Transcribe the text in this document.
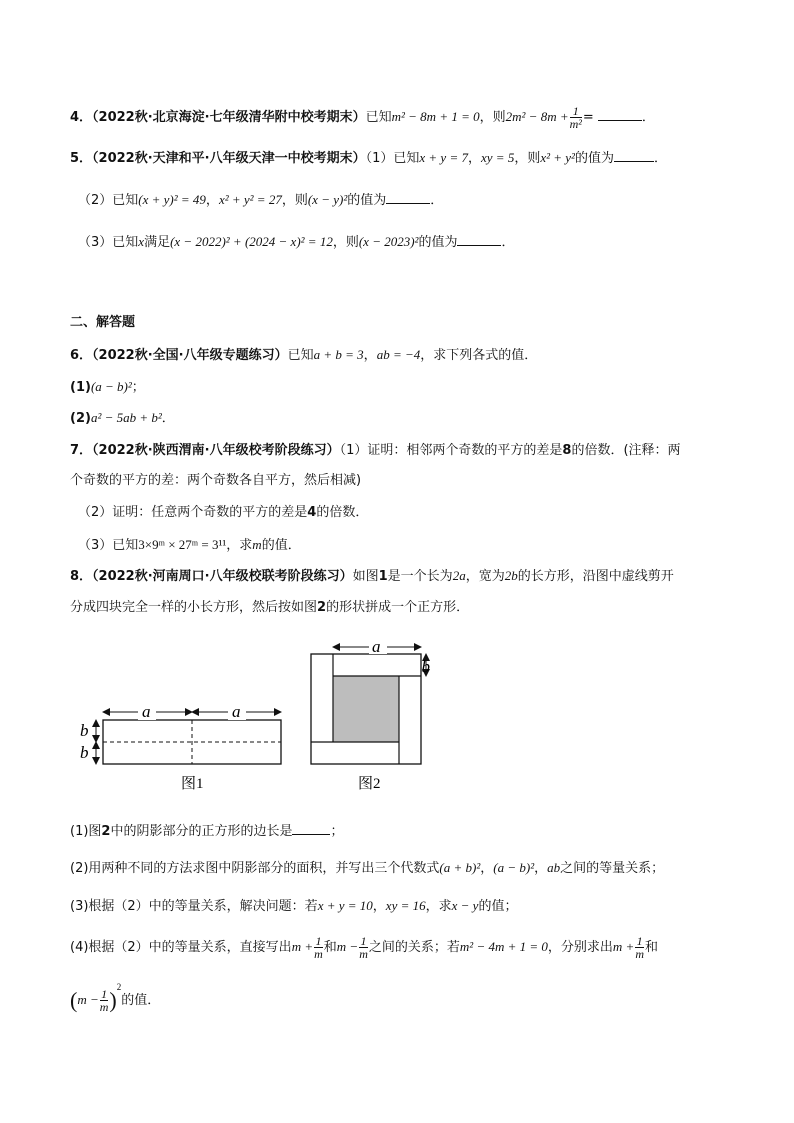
4．（2022秋·北京海淀·七年级清华附中校考期末）已知m² − 8m + 1 = 0，则$2m^2 - 8m + \frac{1}{\text{m²}}$ =	．
5．（2022秋·天津和平·八年级天津一中校考期末）（1）已知x + y = 7，xy = 5，则x² + y²的值为	．
（2）已知(x + y)² = 49，x² + y² = 27，则(x − y)²的值为	．
（3）已知x满足(x − 2022)² + (2024 − x)² = 12，则(x − 2023)²的值为	．
二、解答题
6．（2022秋·全国·八年级专题练习）已知a + b = 3，ab = −4，求下列各式的值．
(1)(a − b)²；
(2)a² − 5ab + b²．
7．（2022秋·陕西渭南·八年级校考阶段练习）（1）证明：相邻两个奇数的平方的差是8的倍数．(注释：两
个奇数的平方的差：两个奇数各自平方，然后相减)
（2）证明：任意两个奇数的平方的差是4的倍数．
（3）已知3×9ᵐ × 27ᵐ = 3¹¹，求m的值．
8．（2022秋·河南周口·八年级校联考阶段练习）如图1是一个长为2a，宽为2b的长方形，沿图中虚线剪开
分成四块完全一样的小长方形，然后按如图2的形状拼成一个正方形．
a	a
b
b
图1
a
b
图2
(1)图2中的阴影部分的正方形的边长是	；
(2)用两种不同的方法求图中阴影部分的面积，并写出三个代数式(a + b)²，(a − b)²，ab之间的等量关系；
(3)根据（2）中的等量关系，解决问题：若x + y = 10，xy = 16，求x − y的值；
(4)根据（2）中的等量关系，直接写出$m + \frac{1}{m}$ 和$m - \frac{1}{m}$ 之间的关系；若m² − 4m + 1 = 0，分别求出$m + \frac{1}{m}$ 和
$(m - \frac{1}{m} )^2$的值．
